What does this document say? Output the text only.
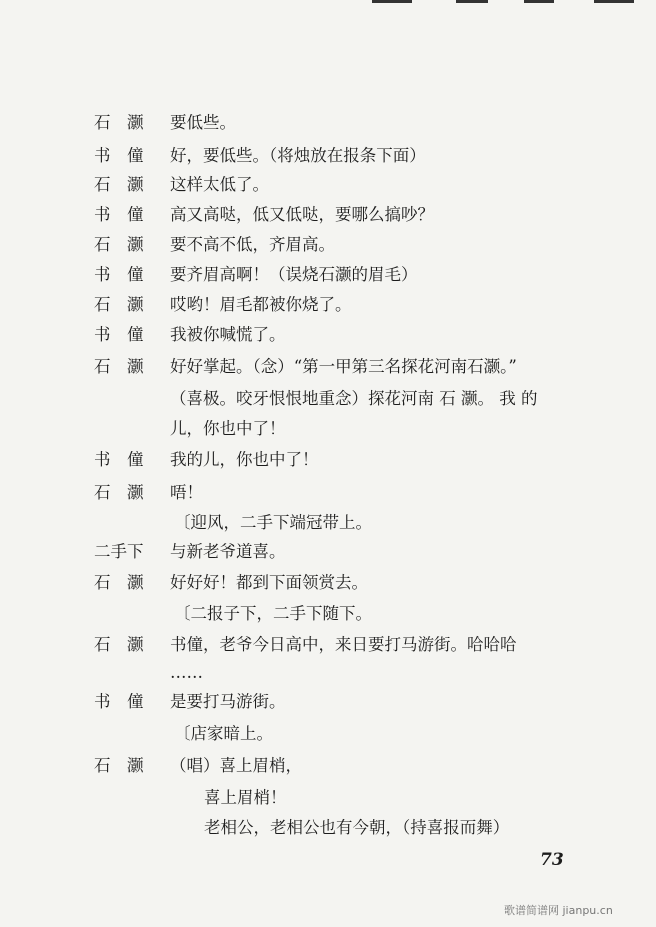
石　灏 要低些。
书　僮 好，要低些。（将烛放在报条下面）
石　灏 这样太低了。
书　僮 高又高哒，低又低哒，要哪么搞吵？
石　灏 要不高不低，齐眉高。
书　僮 要齐眉高啊！（误烧石灏的眉毛）
石　灏 哎哟！眉毛都被你烧了。
书　僮 我被你喊慌了。
石　灏 好好掌起。（念）“第一甲第三名探花河南石灏。”
（喜极。咬牙恨恨地重念）探花河南 石 灏。 我 的
儿，你也中了！
书　僮 我的儿，你也中了！
石　灏 唔！
〔迎风，二手下端冠带上。
二手下 与新老爷道喜。
石　灏 好好好！都到下面领赏去。
〔二报子下，二手下随下。
石　灏 书僮，老爷今日高中，来日要打马游街。哈哈哈
……
书　僮 是要打马游街。
〔店家暗上。
石　灏 （唱）喜上眉梢，
喜上眉梢！
老相公，老相公也有今朝，（持喜报而舞）
73
歌谱简谱网 jianpu.cn
